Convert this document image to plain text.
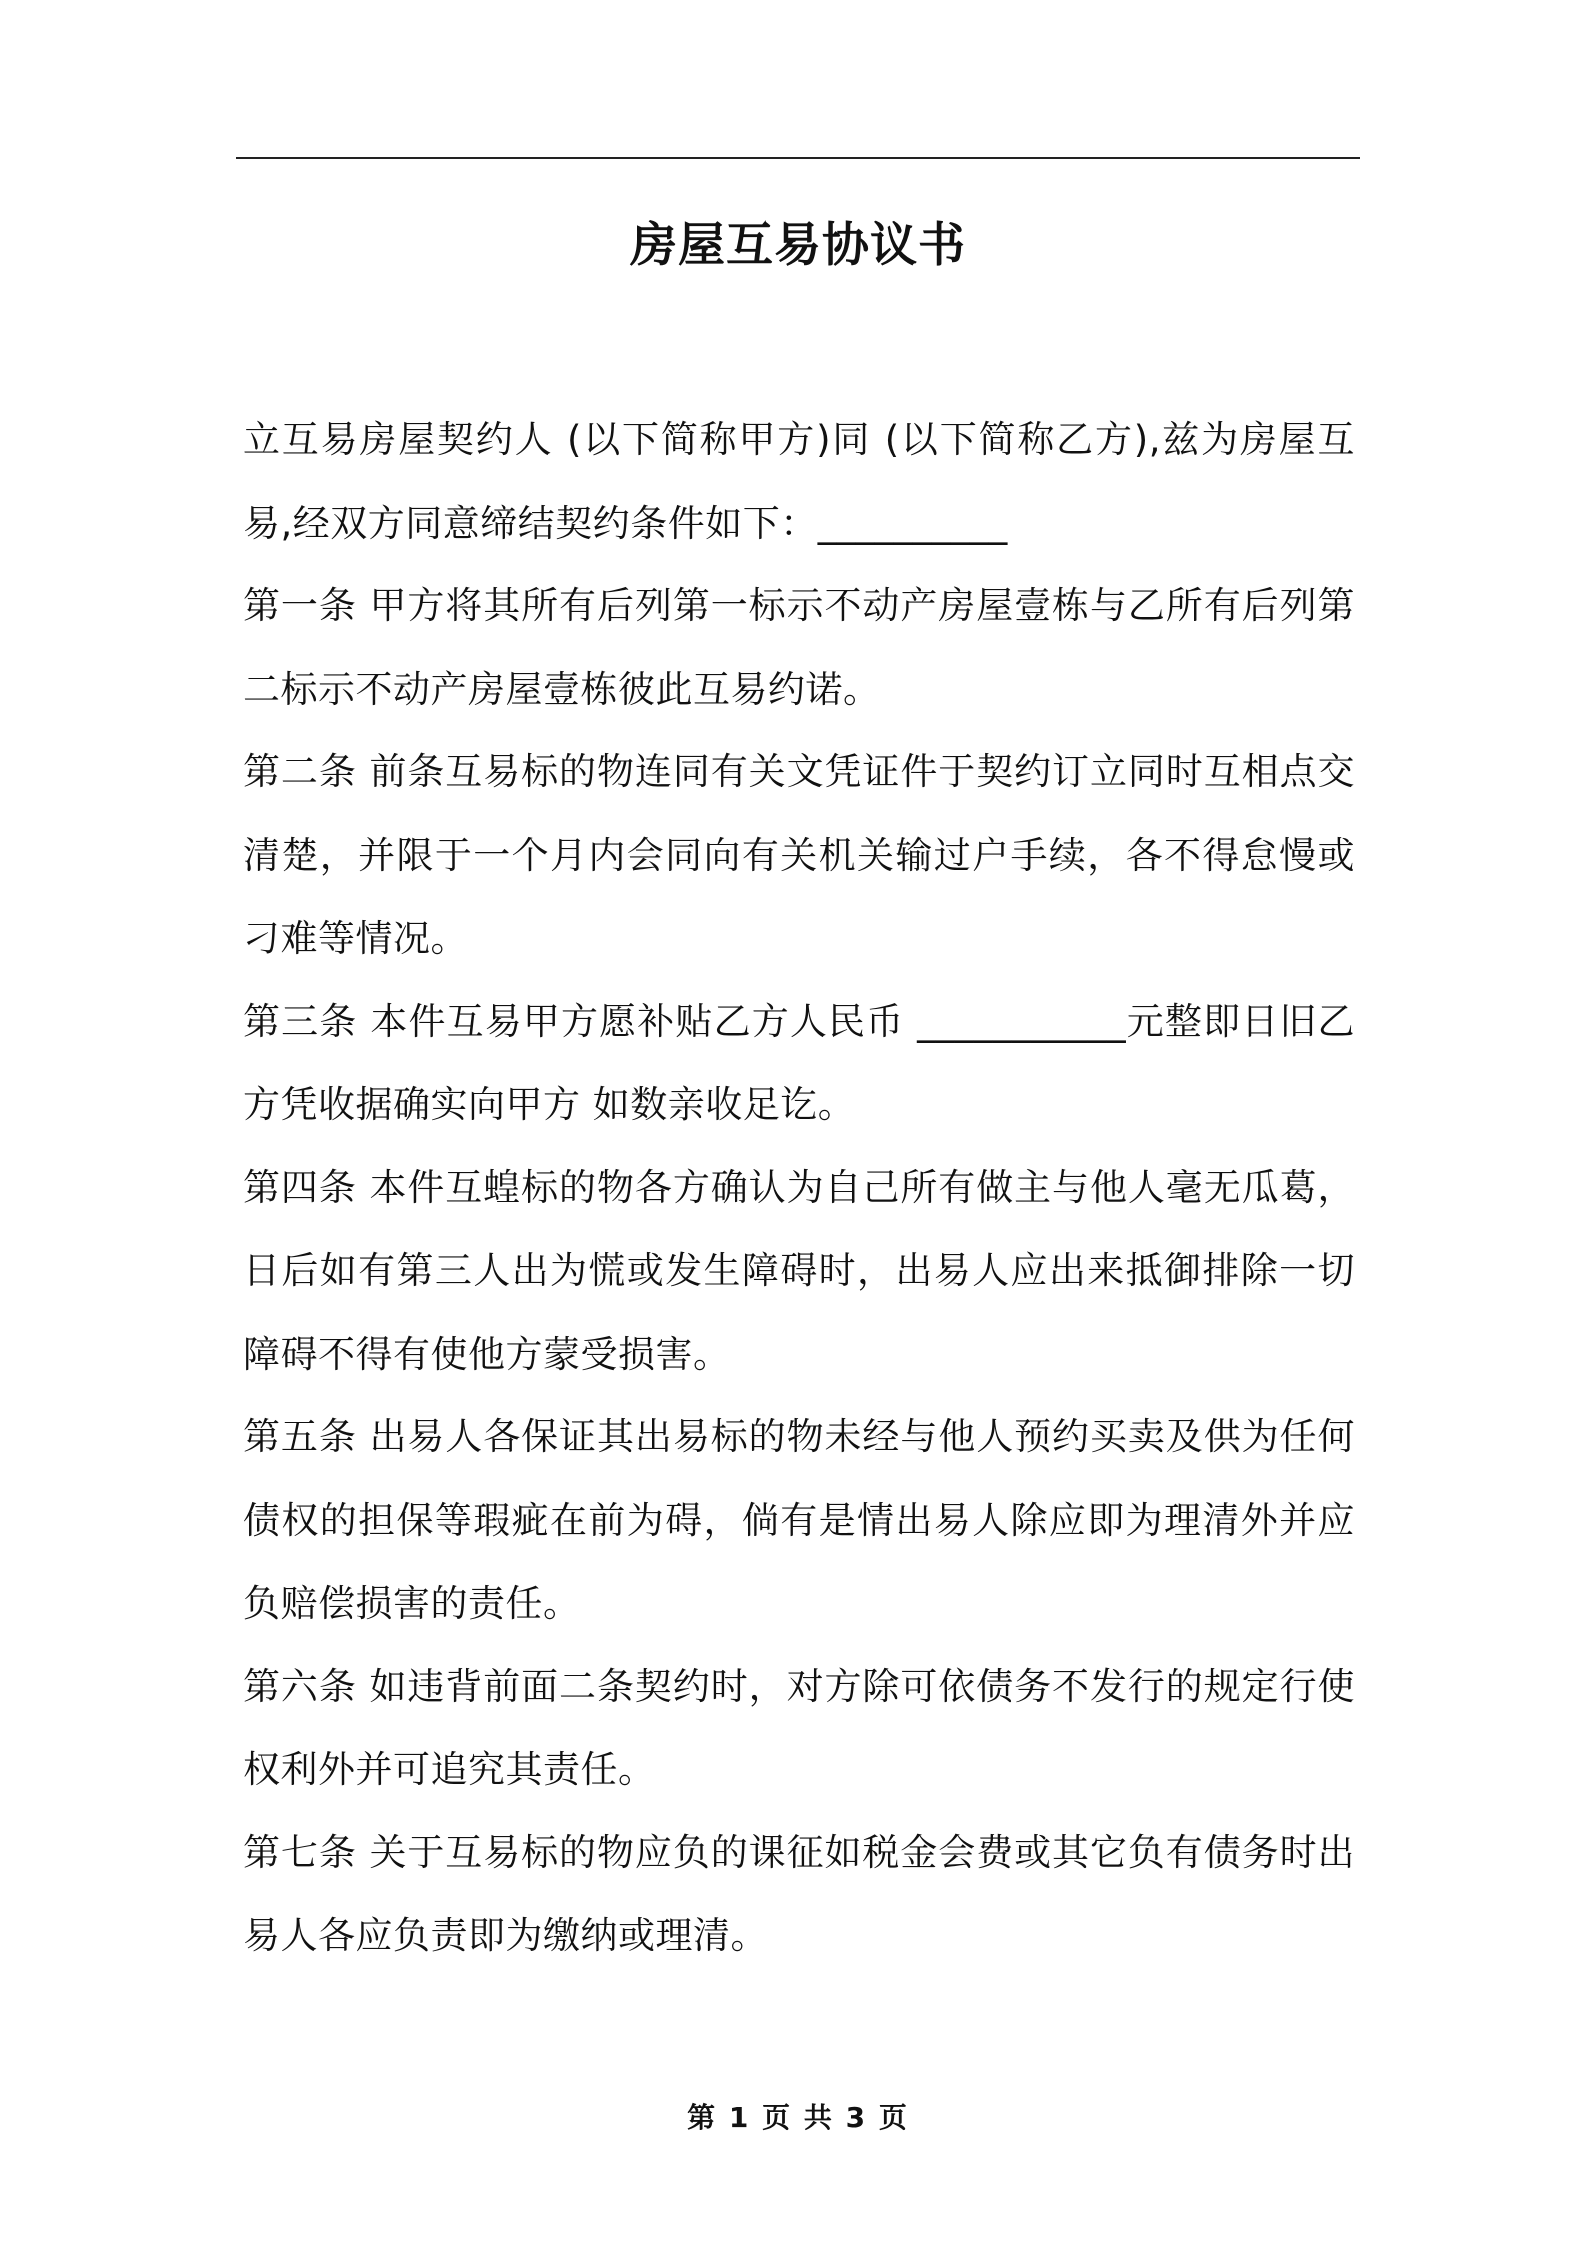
房屋互易协议书

立互易房屋契约人 (以下简称甲方)同 (以下简称乙方),兹为房屋互易,经双方同意缔结契约条件如下：__________

第一条 甲方将其所有后列第一标示不动产房屋壹栋与乙所有后列第二标示不动产房屋壹栋彼此互易约诺。

第二条 前条互易标的物连同有关文凭证件于契约订立同时互相点交清楚，并限于一个月内会同向有关机关输过户手续，各不得怠慢或刁难等情况。

第三条 本件互易甲方愿补贴乙方人民币 ___________元整即日旧乙方凭收据确实向甲方 如数亲收足讫。

第四条 本件互蝗标的物各方确认为自己所有做主与他人毫无瓜葛，日后如有第三人出为慌或发生障碍时，出易人应出来抵御排除一切障碍不得有使他方蒙受损害。

第五条 出易人各保证其出易标的物未经与他人预约买卖及供为任何债权的担保等瑕疵在前为碍，倘有是情出易人除应即为理清外并应负赔偿损害的责任。

第六条 如违背前面二条契约时，对方除可依债务不发行的规定行使权利外并可追究其责任。

第七条 关于互易标的物应负的课征如税金会费或其它负有债务时出易人各应负责即为缴纳或理清。

第 1 页 共 3 页
